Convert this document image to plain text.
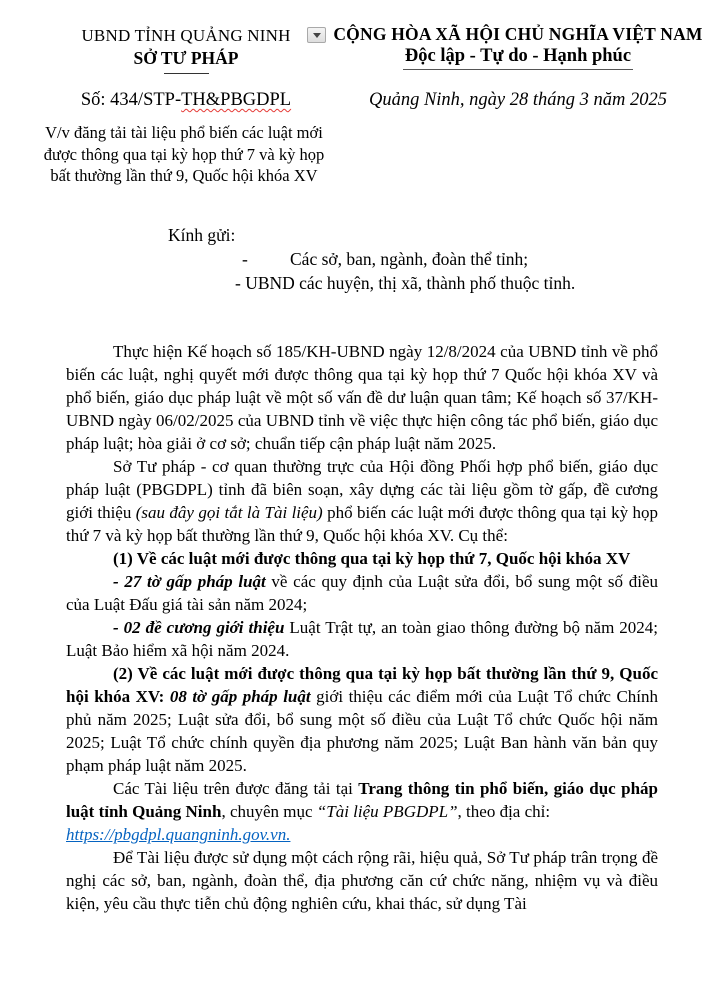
UBND TỈNH QUẢNG NINH
SỞ TƯ PHÁP
CỘNG HÒA XÃ HỘI CHỦ NGHĨA VIỆT NAM
Độc lập - Tự do - Hạnh phúc
Số: 434/STP-TH&PBGDPL	Quảng Ninh, ngày 28 tháng 3 năm 2025
V/v đăng tải tài liệu phổ biến các luật mới
được thông qua tại kỳ họp thứ 7 và kỳ họp
bất thường lần thứ 9, Quốc hội khóa XV
Kính gửi:
- Các sở, ban, ngành, đoàn thể tỉnh;
- UBND các huyện, thị xã, thành phố thuộc tỉnh.

Thực hiện Kế hoạch số 185/KH-UBND ngày 12/8/2024 của UBND tỉnh về phổ biến các luật, nghị quyết mới được thông qua tại kỳ họp thứ 7 Quốc hội khóa XV và phổ biến, giáo dục pháp luật về một số vấn đề dư luận quan tâm; Kế hoạch số 37/KH-UBND ngày 06/02/2025 của UBND tỉnh về việc thực hiện công tác phổ biến, giáo dục pháp luật; hòa giải ở cơ sở; chuẩn tiếp cận pháp luật năm 2025.

Sở Tư pháp - cơ quan thường trực của Hội đồng Phối hợp phổ biến, giáo dục pháp luật (PBGDPL) tỉnh đã biên soạn, xây dựng các tài liệu gồm tờ gấp, đề cương giới thiệu (sau đây gọi tắt là Tài liệu) phổ biến các luật mới được thông qua tại kỳ họp thứ 7 và kỳ họp bất thường lần thứ 9, Quốc hội khóa XV. Cụ thể:

(1) Về các luật mới được thông qua tại kỳ họp thứ 7, Quốc hội khóa XV

- 27 tờ gấp pháp luật về các quy định của Luật sửa đổi, bổ sung một số điều của Luật Đấu giá tài sản năm 2024;

- 02 đề cương giới thiệu Luật Trật tự, an toàn giao thông đường bộ năm 2024; Luật Bảo hiểm xã hội năm 2024.

(2) Về các luật mới được thông qua tại kỳ họp bất thường lần thứ 9, Quốc hội khóa XV: 08 tờ gấp pháp luật giới thiệu các điểm mới của Luật Tổ chức Chính phủ năm 2025; Luật sửa đổi, bổ sung một số điều của Luật Tổ chức Quốc hội năm 2025; Luật Tổ chức chính quyền địa phương năm 2025; Luật Ban hành văn bản quy phạm pháp luật năm 2025.

Các Tài liệu trên được đăng tải tại Trang thông tin phổ biến, giáo dục pháp luật tỉnh Quảng Ninh, chuyên mục “Tài liệu PBGDPL”, theo địa chỉ:

https://pbgdpl.quangninh.gov.vn.

Để Tài liệu được sử dụng một cách rộng rãi, hiệu quả, Sở Tư pháp trân trọng đề nghị các sở, ban, ngành, đoàn thể, địa phương căn cứ chức năng, nhiệm vụ và điều kiện, yêu cầu thực tiễn chủ động nghiên cứu, khai thác, sử dụng Tài
